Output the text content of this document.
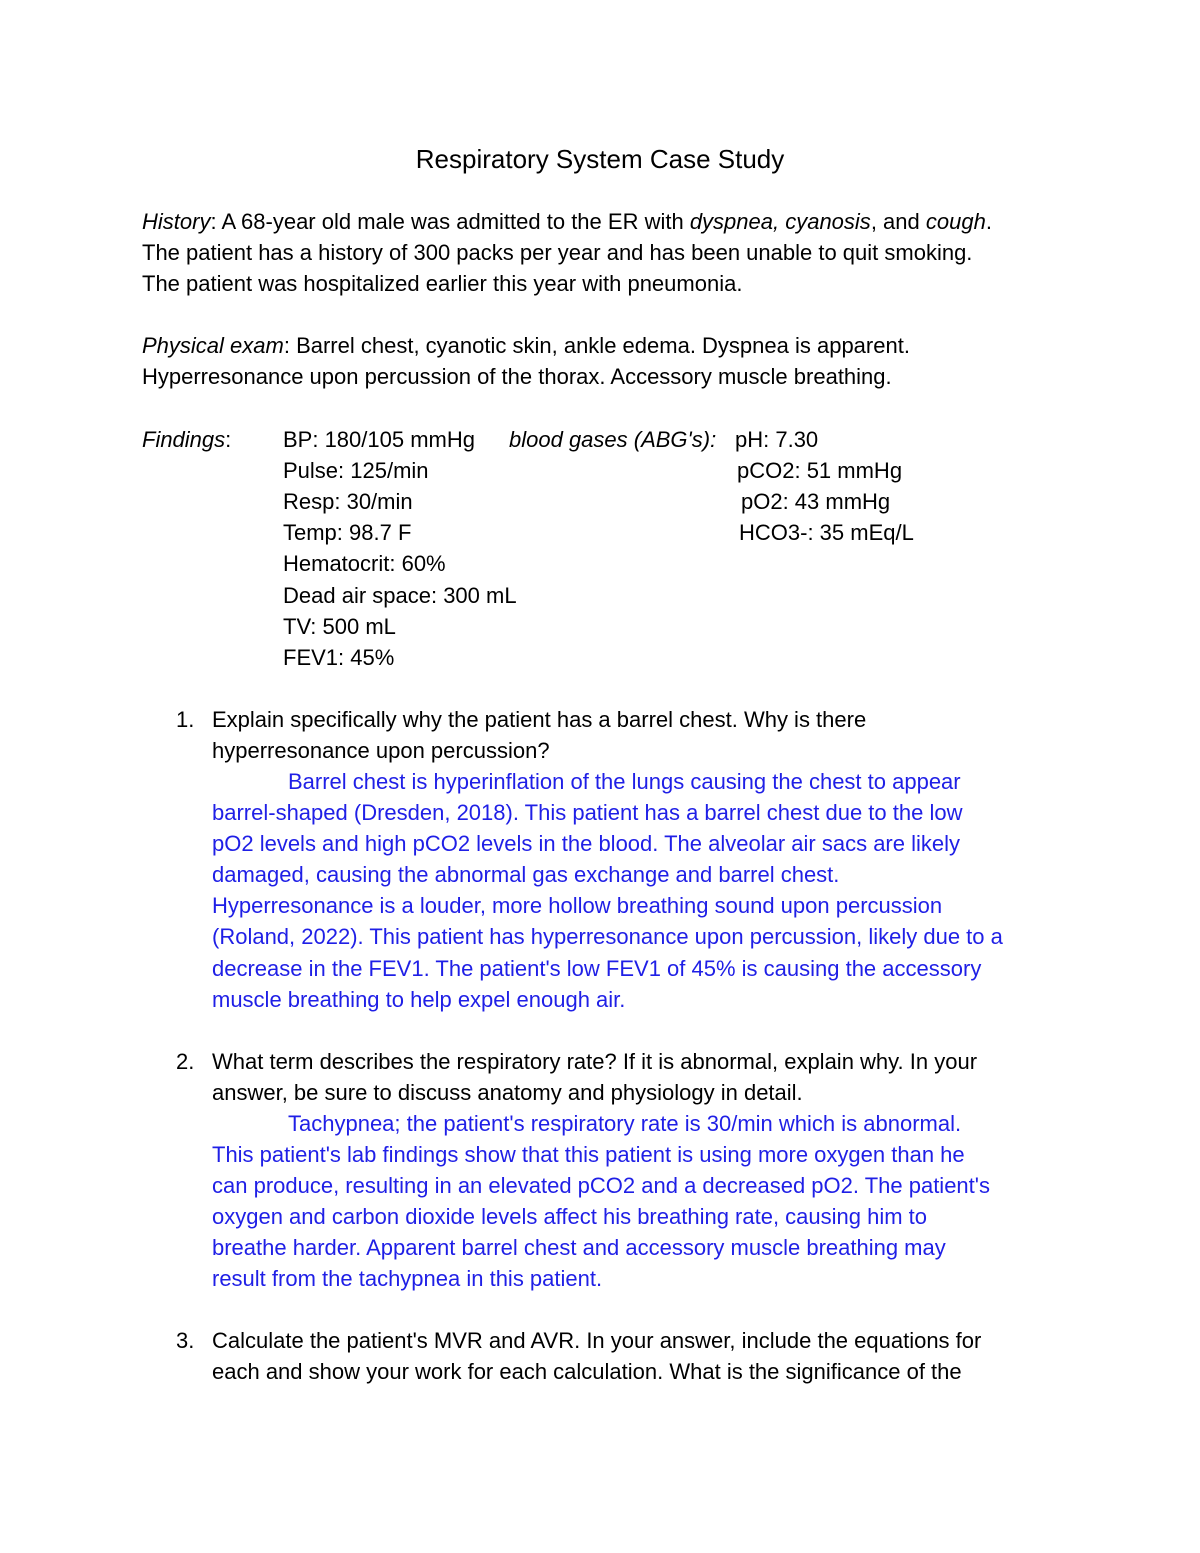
Respiratory System Case Study
History: A 68-year old male was admitted to the ER with dyspnea, cyanosis, and cough.
The patient has a history of 300 packs per year and has been unable to quit smoking.
The patient was hospitalized earlier this year with pneumonia.
Physical exam: Barrel chest, cyanotic skin, ankle edema. Dyspnea is apparent.
Hyperresonance upon percussion of the thorax. Accessory muscle breathing.
Findings: BP: 180/105 mmHg blood gases (ABG's): pH: 7.30
Pulse: 125/min	pCO2: 51 mmHg
Resp: 30/min	pO2: 43 mmHg
Temp: 98.7 F	HCO3-: 35 mEq/L
Hematocrit: 60%
Dead air space: 300 mL
TV: 500 mL
FEV1: 45%
1. Explain specifically why the patient has a barrel chest. Why is there
hyperresonance upon percussion?
Barrel chest is hyperinflation of the lungs causing the chest to appear
barrel-shaped (Dresden, 2018). This patient has a barrel chest due to the low
pO2 levels and high pCO2 levels in the blood. The alveolar air sacs are likely
damaged, causing the abnormal gas exchange and barrel chest.
Hyperresonance is a louder, more hollow breathing sound upon percussion
(Roland, 2022). This patient has hyperresonance upon percussion, likely due to a
decrease in the FEV1. The patient's low FEV1 of 45% is causing the accessory
muscle breathing to help expel enough air.
2. What term describes the respiratory rate? If it is abnormal, explain why. In your
answer, be sure to discuss anatomy and physiology in detail.
Tachypnea; the patient's respiratory rate is 30/min which is abnormal.
This patient's lab findings show that this patient is using more oxygen than he
can produce, resulting in an elevated pCO2 and a decreased pO2. The patient's
oxygen and carbon dioxide levels affect his breathing rate, causing him to
breathe harder. Apparent barrel chest and accessory muscle breathing may
result from the tachypnea in this patient.
3. Calculate the patient's MVR and AVR. In your answer, include the equations for
each and show your work for each calculation. What is the significance of the
